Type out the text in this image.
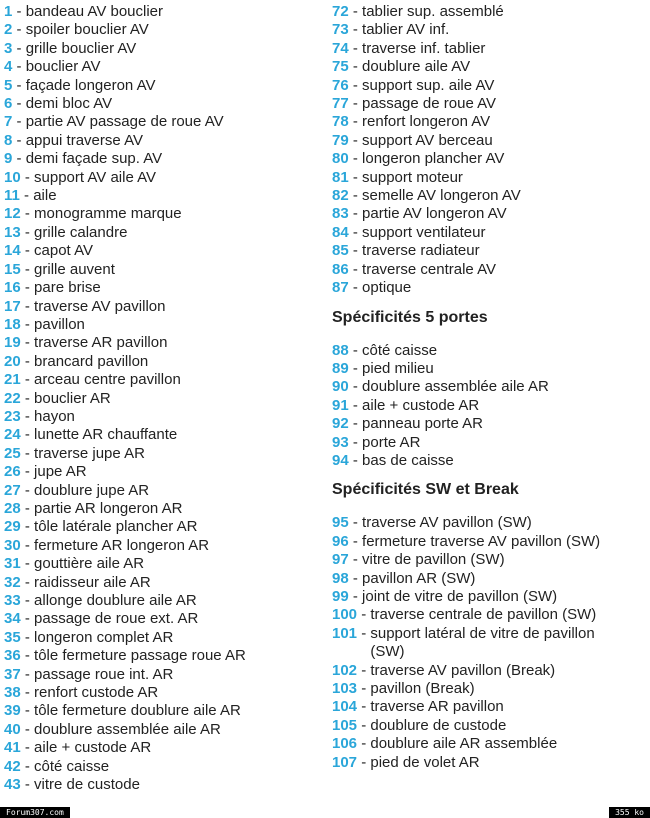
1 - bandeau AV bouclier
2 - spoiler bouclier AV
3 - grille bouclier AV
4 - bouclier AV
5 - façade longeron AV
6 - demi bloc AV
7 - partie AV passage de roue AV
8 - appui traverse AV
9 - demi façade sup. AV
10 - support AV aile AV
11 - aile
12 - monogramme marque
13 - grille calandre
14 - capot AV
15 - grille auvent
16 - pare brise
17 - traverse AV pavillon
18 - pavillon
19 - traverse AR pavillon
20 - brancard pavillon
21 - arceau centre pavillon
22 - bouclier AR
23 - hayon
24 - lunette AR chauffante
25 - traverse jupe AR
26 - jupe AR
27 - doublure jupe AR
28 - partie AR longeron AR
29 - tôle latérale plancher AR
30 - fermeture AR longeron AR
31 - gouttière aile AR
32 - raidisseur aile AR
33 - allonge doublure aile AR
34 - passage de roue ext. AR
35 - longeron complet AR
36 - tôle fermeture passage roue AR
37 - passage roue int. AR
38 - renfort custode AR
39 - tôle fermeture doublure aile AR
40 - doublure assemblée aile AR
41 - aile + custode AR
42 - côté caisse
43 - vitre de custode
72 - tablier sup. assemblé
73 - tablier AV inf.
74 - traverse inf. tablier
75 - doublure aile AV
76 - support sup. aile AV
77 - passage de roue AV
78 - renfort longeron AV
79 - support AV berceau
80 - longeron plancher AV
81 - support moteur
82 - semelle AV longeron AV
83 - partie AV longeron AV
84 - support ventilateur
85 - traverse radiateur
86 - traverse centrale AV
87 - optique
Spécificités 5 portes
88 - côté caisse
89 - pied milieu
90 - doublure assemblée aile AR
91 - aile + custode AR
92 - panneau porte AR
93 - porte AR
94 - bas de caisse
Spécificités SW et Break
95 - traverse AV pavillon (SW)
96 - fermeture traverse AV pavillon (SW)
97 - vitre de pavillon (SW)
98 - pavillon AR (SW)
99 - joint de vitre de pavillon (SW)
100 - traverse centrale de pavillon (SW)
101 - support latéral de vitre de pavillon (SW)
102 - traverse AV pavillon (Break)
103 - pavillon (Break)
104 - traverse AR pavillon
105 - doublure de custode
106 - doublure aile AR assemblée
107 - pied de volet AR
Forum307.com	355 ko
